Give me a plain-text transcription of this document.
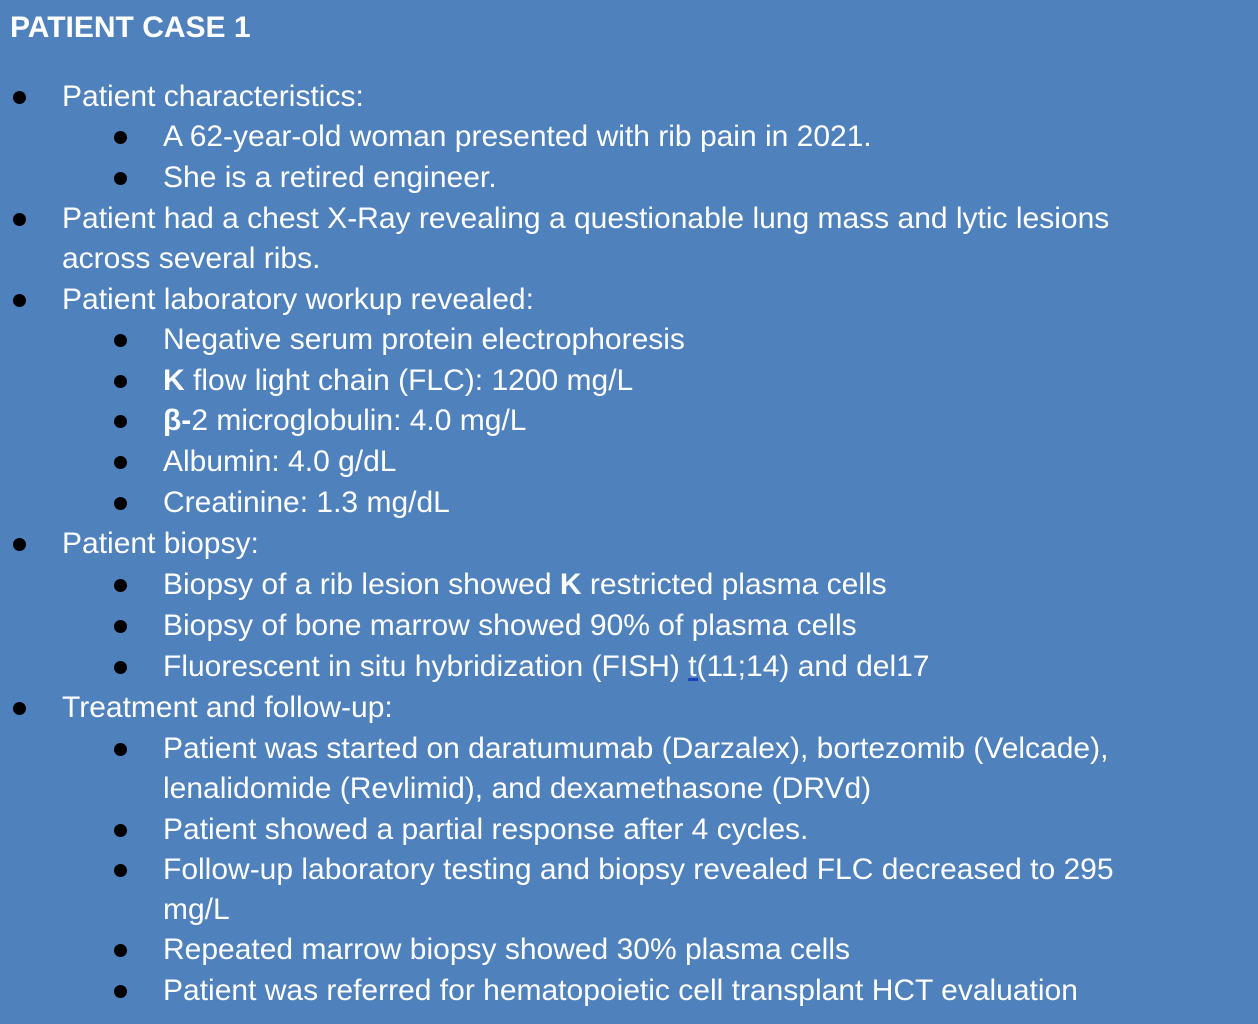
PATIENT CASE 1
Patient characteristics:
A 62-year-old woman presented with rib pain in 2021.
She is a retired engineer.
Patient had a chest X-Ray revealing a questionable lung mass and lytic lesions
across several ribs.
Patient laboratory workup revealed:
Negative serum protein electrophoresis
K flow light chain (FLC): 1200 mg/L
β-2 microglobulin: 4.0 mg/L
Albumin: 4.0 g/dL
Creatinine: 1.3 mg/dL
Patient biopsy:
Biopsy of a rib lesion showed K restricted plasma cells
Biopsy of bone marrow showed 90% of plasma cells
Fluorescent in situ hybridization (FISH) t(11;14) and del17
Treatment and follow-up:
Patient was started on daratumumab (Darzalex), bortezomib (Velcade),
lenalidomide (Revlimid), and dexamethasone (DRVd)
Patient showed a partial response after 4 cycles.
Follow-up laboratory testing and biopsy revealed FLC decreased to 295
mg/L
Repeated marrow biopsy showed 30% plasma cells
Patient was referred for hematopoietic cell transplant HCT evaluation
